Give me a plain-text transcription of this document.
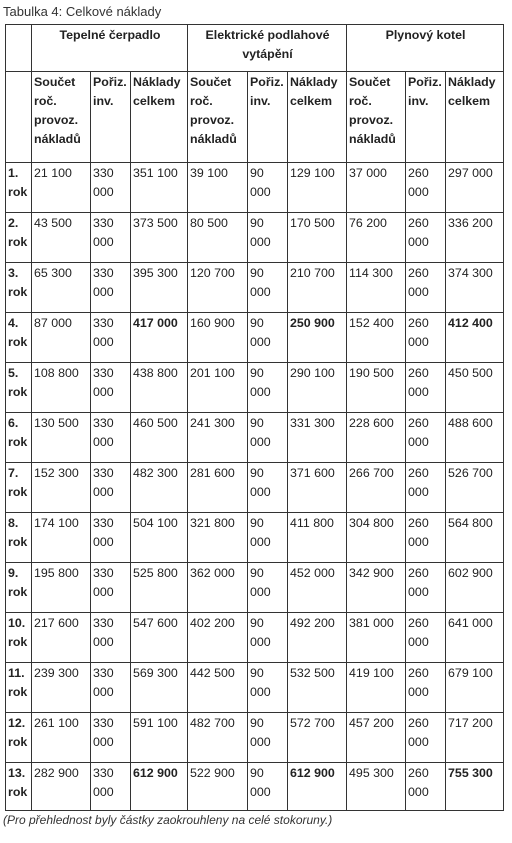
Tabulka 4: Celkové náklady
	Tepelné čerpadlo			Elektrické podlahové vytápění			Plynový kotel		
	Součet roč. provoz. nákladů	Pořiz. inv.	Náklady celkem	Součet roč. provoz. nákladů	Pořiz. inv.	Náklady celkem	Součet roč. provoz. nákladů	Pořiz. inv.	Náklady celkem
1. rok	21 100	330 000	351 100	39 100	90 000	129 100	37 000	260 000	297 000
2. rok	43 500	330 000	373 500	80 500	90 000	170 500	76 200	260 000	336 200
3. rok	65 300	330 000	395 300	120 700	90 000	210 700	114 300	260 000	374 300
4. rok	87 000	330 000	417 000	160 900	90 000	250 900	152 400	260 000	412 400
5. rok	108 800	330 000	438 800	201 100	90 000	290 100	190 500	260 000	450 500
6. rok	130 500	330 000	460 500	241 300	90 000	331 300	228 600	260 000	488 600
7. rok	152 300	330 000	482 300	281 600	90 000	371 600	266 700	260 000	526 700
8. rok	174 100	330 000	504 100	321 800	90 000	411 800	304 800	260 000	564 800
9. rok	195 800	330 000	525 800	362 000	90 000	452 000	342 900	260 000	602 900
10. rok	217 600	330 000	547 600	402 200	90 000	492 200	381 000	260 000	641 000
11. rok	239 300	330 000	569 300	442 500	90 000	532 500	419 100	260 000	679 100
12. rok	261 100	330 000	591 100	482 700	90 000	572 700	457 200	260 000	717 200
13. rok	282 900	330 000	612 900	522 900	90 000	612 900	495 300	260 000	755 300
(Pro přehlednost byly částky zaokrouhleny na celé stokoruny.)
